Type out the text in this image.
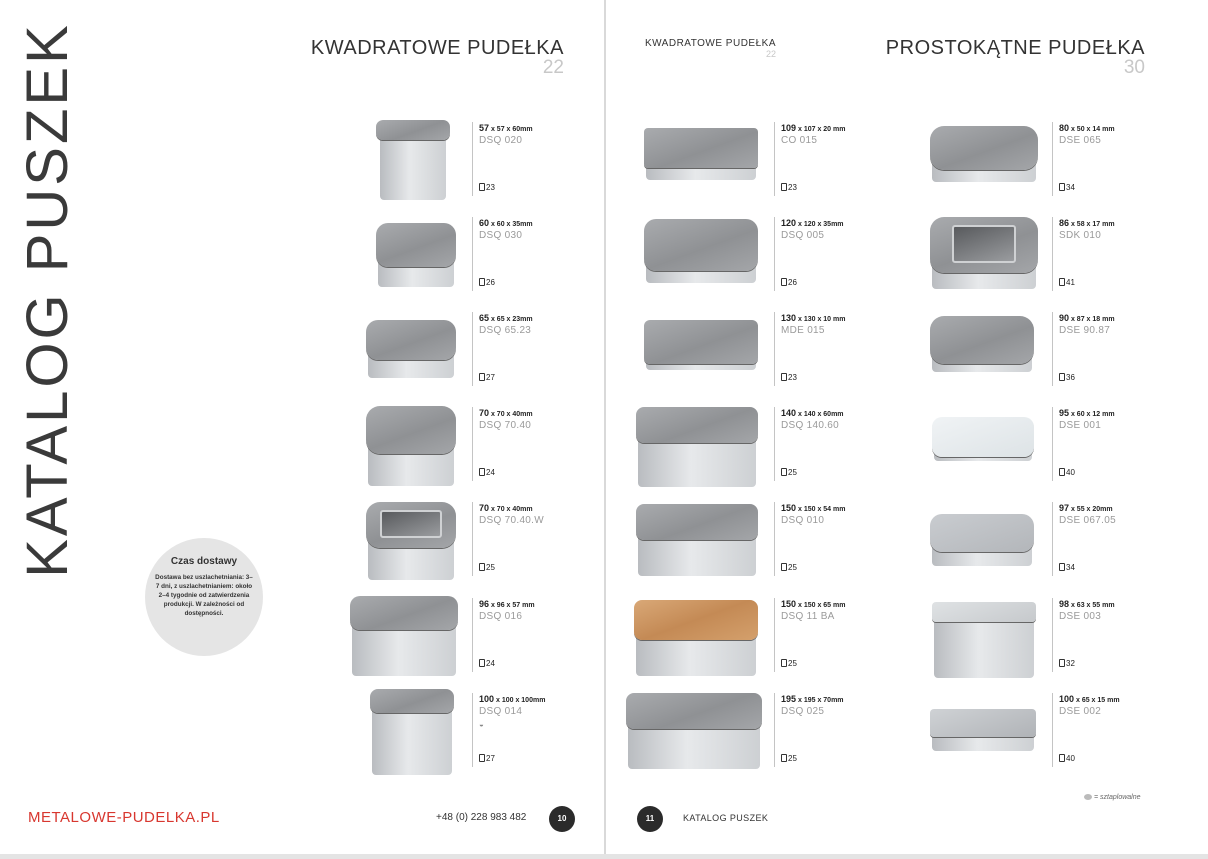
KATALOG PUSZEK	KWADRATOWE PUDEŁKA
22
Czas dostawy
Dostawa bez uszlachetniania: 3–7 dni, z uszlachetnianiem: około 2–4 tygodnie od zatwierdzenia produkcji. W zależności od dostępności.
57 x 57 x 60mm
DSQ 020
23
60 x 60 x 35mm
DSQ 030
26
65 x 65 x 23mm
DSQ 65.23
27
70 x 70 x 40mm
DSQ 70.40
24
70 x 70 x 40mm
DSQ 70.40.W
25
96 x 96 x 57 mm
DSQ 016
24
100 x 100 x 100mm
DSQ 014
◒
27
METALOWE-PUDELKA.PL	+48 (0) 228 983 482	10
KWADRATOWE PUDEŁKA
22	PROSTOKĄTNE PUDEŁKA
30
109 x 107 x 20 mm
CO 015
23
120 x 120 x 35mm
DSQ 005
26
130 x 130 x 10 mm
MDE 015
23
140 x 140 x 60mm
DSQ 140.60
25
150 x 150 x 54 mm
DSQ 010
25
150 x 150 x 65 mm
DSQ 11 BA
25
195 x 195 x 70mm
DSQ 025
25
80 x 50 x 14 mm
DSE 065
34
86 x 58 x 17 mm
SDK 010
41
90 x 87 x 18 mm
DSE 90.87
36
95 x 60 x 12 mm
DSE 001
40
97 x 55 x 20mm
DSE 067.05
34
98 x 63 x 55 mm
DSE 003
32
100 x 65 x 15 mm
DSE 002
40
11	KATALOG PUSZEK
= sztaplowalne
